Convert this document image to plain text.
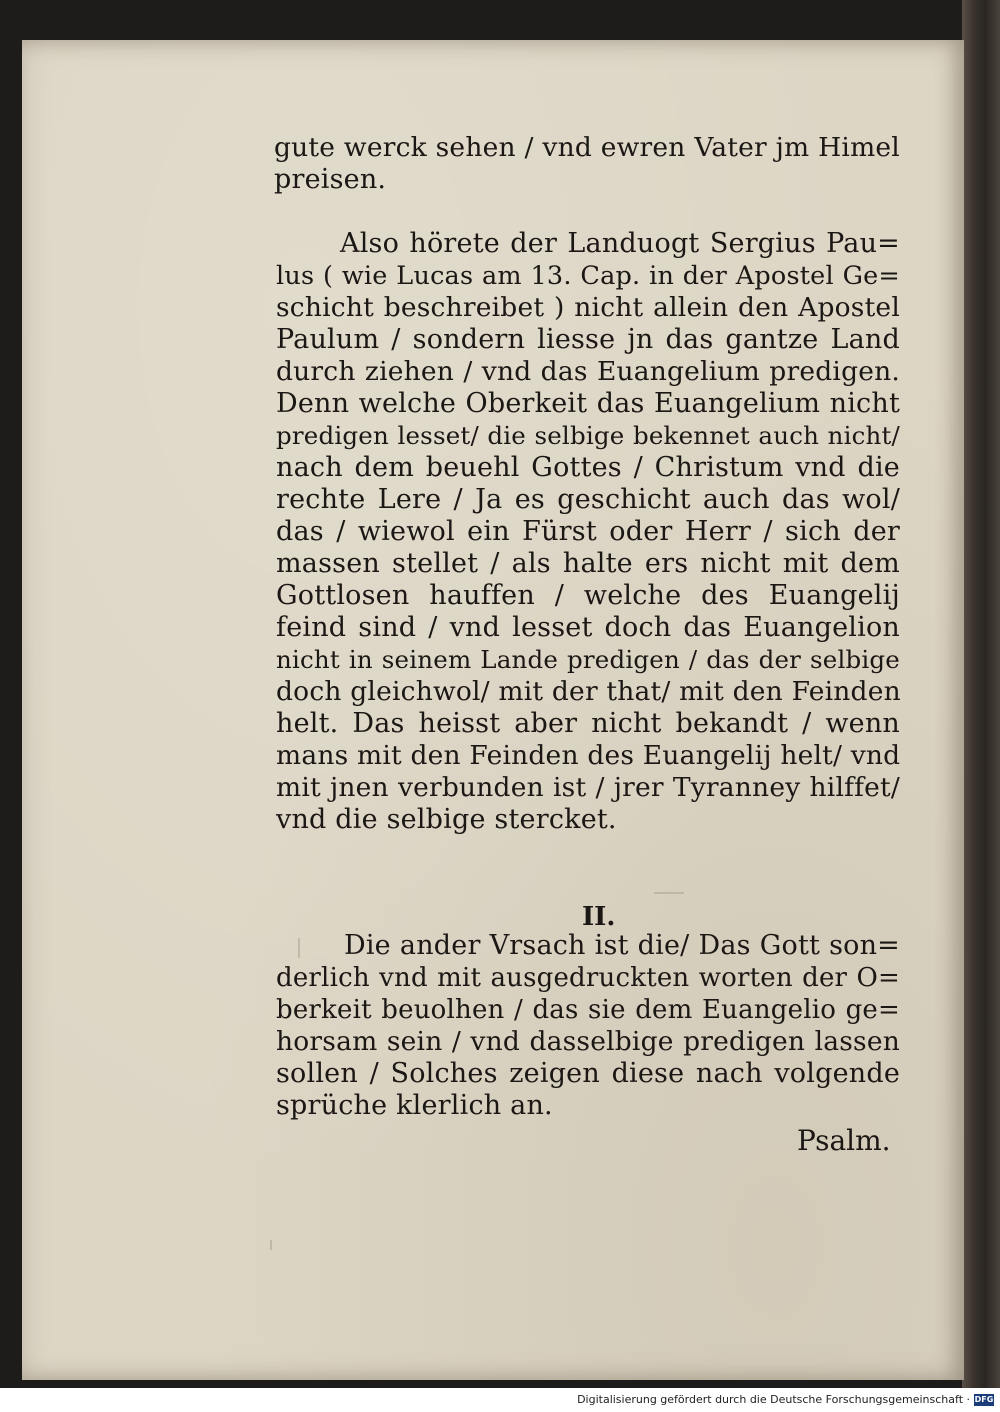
gute werck sehen / vnd ewren Vater jm Himel
preisen.
Also hörete der Landuogt Sergius Pau=
lus ( wie Lucas am 13. Cap. in der Apostel Ge=
schicht beschreibet ) nicht allein den Apostel
Paulum / sondern liesse jn das gantze Land
durch ziehen / vnd das Euangelium predigen.
Denn welche Oberkeit das Euangelium nicht
predigen lesset/ die selbige bekennet auch nicht/
nach dem beuehl Gottes / Christum vnd die
rechte Lere / Ja es geschicht auch das wol/
das / wiewol ein Fürst oder Herr / sich der
massen stellet / als halte ers nicht mit dem
Gottlosen hauffen / welche des Euangelij
feind sind / vnd lesset doch das Euangelion
nicht in seinem Lande predigen / das der selbige
doch gleichwol/ mit der that/ mit den Feinden
helt. Das heisst aber nicht bekandt / wenn
mans mit den Feinden des Euangelij helt/ vnd
mit jnen verbunden ist / jrer Tyranney hilffet/
vnd die selbige stercket.
II.
Die ander Vrsach ist die/ Das Gott son=
derlich vnd mit ausgedruckten worten der O=
berkeit beuolhen / das sie dem Euangelio ge=
horsam sein / vnd dasselbige predigen lassen
sollen / Solches zeigen diese nach volgende
sprüche klerlich an.
Psalm.
Digitalisierung gefördert durch die Deutsche Forschungsgemeinschaft · DFG
